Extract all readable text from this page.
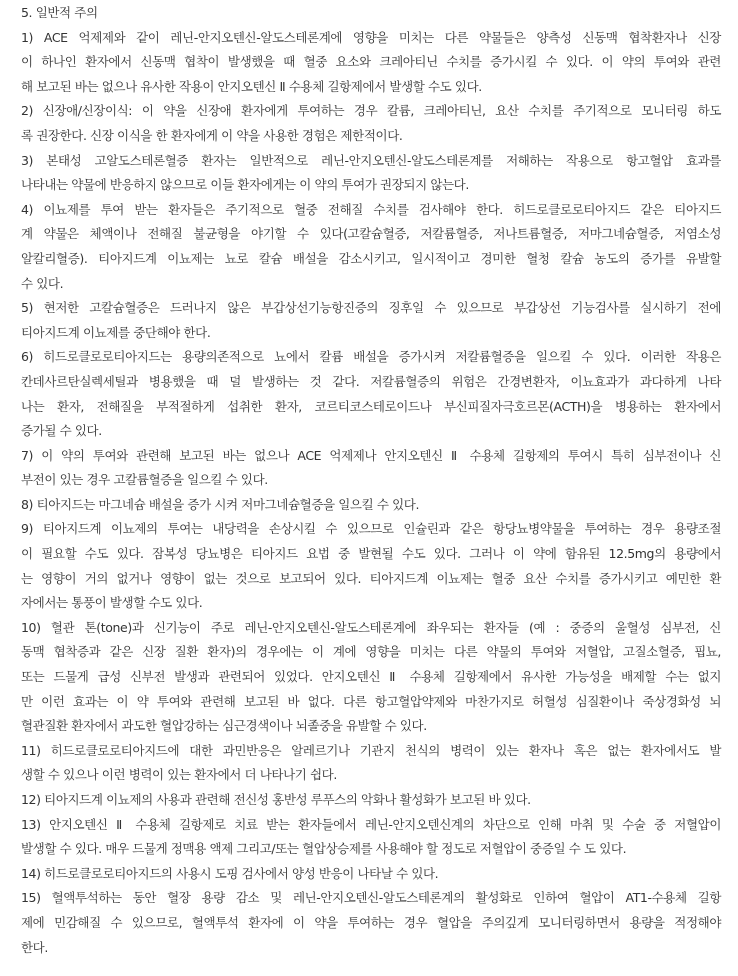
5. 일반적 주의
1) ACE 억제제와 같이 레닌-안지오텐신-알도스테론계에 영향을 미치는 다른 약물들은 양측성 신동맥 협착환자나 신장
이 하나인 환자에서 신동맥 협착이 발생했을 때 혈중 요소와 크레아티닌 수치를 증가시킬 수 있다. 이 약의 투여와 관련
해 보고된 바는 없으나 유사한 작용이 안지오텐신 Ⅱ 수용체 길항제에서 발생할 수도 있다.
2) 신장애/신장이식: 이 약을 신장애 환자에게 투여하는 경우 칼륨, 크레아티닌, 요산 수치를 주기적으로 모니터링 하도
록 권장한다. 신장 이식을 한 환자에게 이 약을 사용한 경험은 제한적이다.
3) 본태성 고알도스테론혈증 환자는 일반적으로 레닌-안지오텐신-알도스테론계를 저해하는 작용으로 항고혈압 효과를
나타내는 약물에 반응하지 않으므로 이들 환자에게는 이 약의 투여가 권장되지 않는다.
4) 이뇨제를 투여 받는 환자들은 주기적으로 혈중 전해질 수치를 검사해야 한다. 히드로클로로티아지드 같은 티아지드
계 약물은 체액이나 전해질 불균형을 야기할 수 있다(고칼슘혈증, 저칼륨혈증, 저나트륨혈증, 저마그네슘혈증, 저염소성
알칼리혈증). 티아지드계 이뇨제는 뇨로 칼슘 배설을 감소시키고, 일시적이고 경미한 혈청 칼슘 농도의 증가를 유발할
수 있다.
5) 현저한 고칼슘혈증은 드러나지 않은 부갑상선기능항진증의 징후일 수 있으므로 부갑상선 기능검사를 실시하기 전에
티아지드계 이뇨제를 중단해야 한다.
6) 히드로클로로티아지드는 용량의존적으로 뇨에서 칼륨 배설을 증가시켜 저칼륨혈증을 일으킬 수 있다. 이러한 작용은
칸데사르탄실렉세틸과 병용했을 때 덜 발생하는 것 같다. 저칼륨혈증의 위험은 간경변환자, 이뇨효과가 과다하게 나타
나는 환자, 전해질을 부적절하게 섭취한 환자, 코르티코스테로이드나 부신피질자극호르몬(ACTH)을 병용하는 환자에서
증가될 수 있다.
7) 이 약의 투여와 관련해 보고된 바는 없으나 ACE 억제제나 안지오텐신 Ⅱ 수용체 길항제의 투여시 특히 심부전이나 신
부전이 있는 경우 고칼륨혈증을 일으킬 수 있다.
8) 티아지드는 마그네슘 배설을 증가 시켜 저마그네슘혈증을 일으킬 수 있다.
9) 티아지드계 이뇨제의 투여는 내당력을 손상시킬 수 있으므로 인슐린과 같은 항당뇨병약물을 투여하는 경우 용량조절
이 필요할 수도 있다. 잠복성 당뇨병은 티아지드 요법 중 발현될 수도 있다. 그러나 이 약에 함유된 12.5mg의 용량에서
는 영향이 거의 없거나 영향이 없는 것으로 보고되어 있다. 티아지드계 이뇨제는 혈중 요산 수치를 증가시키고 예민한 환
자에서는 통풍이 발생할 수도 있다.
10) 혈관 톤(tone)과 신기능이 주로 레닌-안지오텐신-알도스테론계에 좌우되는 환자들 (예 : 중증의 울혈성 심부전, 신
동맥 협착증과 같은 신장 질환 환자)의 경우에는 이 계에 영향을 미치는 다른 약물의 투여와 저혈압, 고질소혈증, 핍뇨,
또는 드물게 급성 신부전 발생과 관련되어 있었다. 안지오텐신 Ⅱ 수용체 길항제에서 유사한 가능성을 배제할 수는 없지
만 이런 효과는 이 약 투여와 관련해 보고된 바 없다. 다른 항고혈압약제와 마찬가지로 허혈성 심질환이나 죽상경화성 뇌
혈관질환 환자에서 과도한 혈압강하는 심근경색이나 뇌졸중을 유발할 수 있다.
11) 히드로클로로티아지드에 대한 과민반응은 알레르기나 기관지 천식의 병력이 있는 환자나 혹은 없는 환자에서도 발
생할 수 있으나 이런 병력이 있는 환자에서 더 나타나기 쉽다.
12) 티아지드계 이뇨제의 사용과 관련해 전신성 홍반성 루푸스의 악화나 활성화가 보고된 바 있다.
13) 안지오텐신 Ⅱ 수용체 길항제로 치료 받는 환자들에서 레닌-안지오텐신계의 차단으로 인해 마취 및 수술 중 저혈압이
발생할 수 있다. 매우 드물게 정맥용 액제 그리고/또는 혈압상승제를 사용해야 할 정도로 저혈압이 중증일 수 도 있다.
14) 히드로클로로티아지드의 사용시 도핑 검사에서 양성 반응이 나타날 수 있다.
15) 혈액투석하는 동안 혈장 용량 감소 및 레닌-안지오텐신-알도스테론계의 활성화로 인하여 혈압이 AT1-수용체 길항
제에 민감해질 수 있으므로, 혈액투석 환자에 이 약을 투여하는 경우 혈압을 주의깊게 모니터링하면서 용량을 적정해야
한다.
